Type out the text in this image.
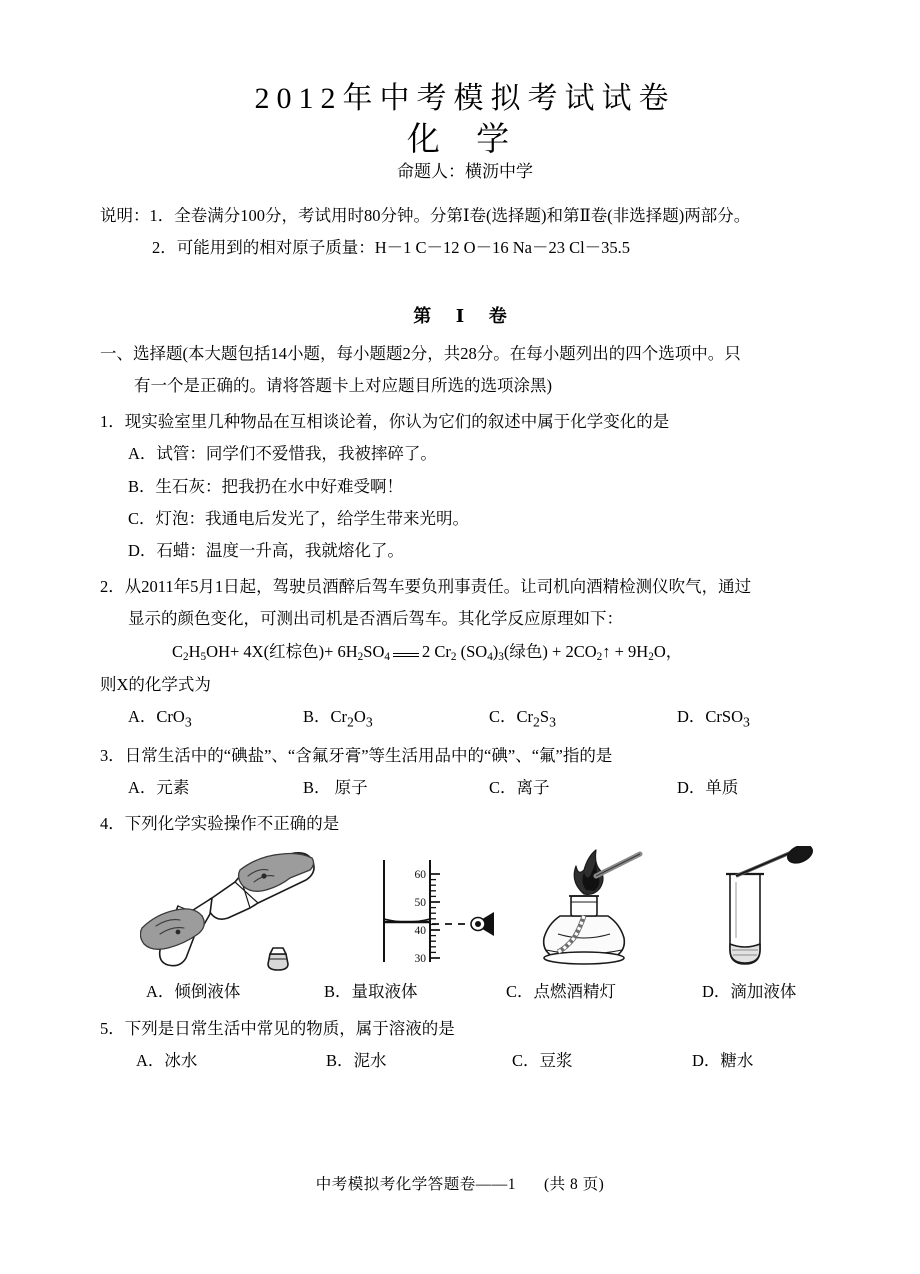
2012年中考模拟考试试卷
化 学
命题人：横沥中学
说明：1．全卷满分100分，考试用时80分钟。分第Ⅰ卷(选择题)和第Ⅱ卷(非选择题)两部分。
2．可能用到的相对原子质量：H－1 C－12 O－16 Na－23 Cl－35.5
第 Ⅰ 卷
一、选择题(本大题包括14小题，每小题题2分，共28分。在每小题列出的四个选项中。只
有一个是正确的。请将答题卡上对应题目所选的选项涂黑)
1．现实验室里几种物品在互相谈论着，你认为它们的叙述中属于化学变化的是
A．试管：同学们不爱惜我，我被摔碎了。
B．生石灰：把我扔在水中好难受啊！
C．灯泡：我通电后发光了，给学生带来光明。
D．石蜡：温度一升高，我就熔化了。
2．从2011年5月1日起，驾驶员酒醉后驾车要负刑事责任。让司机向酒精检测仪吹气，通过
显示的颜色变化，可测出司机是否酒后驾车。其化学反应原理如下：
$C_2H_5OH+ 4X$(红棕色)+ $6H_2SO_4$ 2 $Cr_2$ $(SO_4)_3$(绿色) + $2CO_2↑ + 9H_2O$，
则X的化学式为
A．CrO$_3$	B．$Cr_2O_3$	C．$Cr_2S_3$	D．CrSO$_3$
3．日常生活中的“碘盐”、“含氟牙膏”等生活用品中的“碘”、“氟”指的是
A．元素	B． 原子	C．离子	D．单质
4．下列化学实验操作不正确的是
60
50
40
30
A．倾倒液体	B．量取液体	C．点燃酒精灯	D．滴加液体
5．下列是日常生活中常见的物质，属于溶液的是
A．冰水	B．泥水	C．豆浆	D．糖水
中考模拟考化学答题卷——1 (共 8 页)
